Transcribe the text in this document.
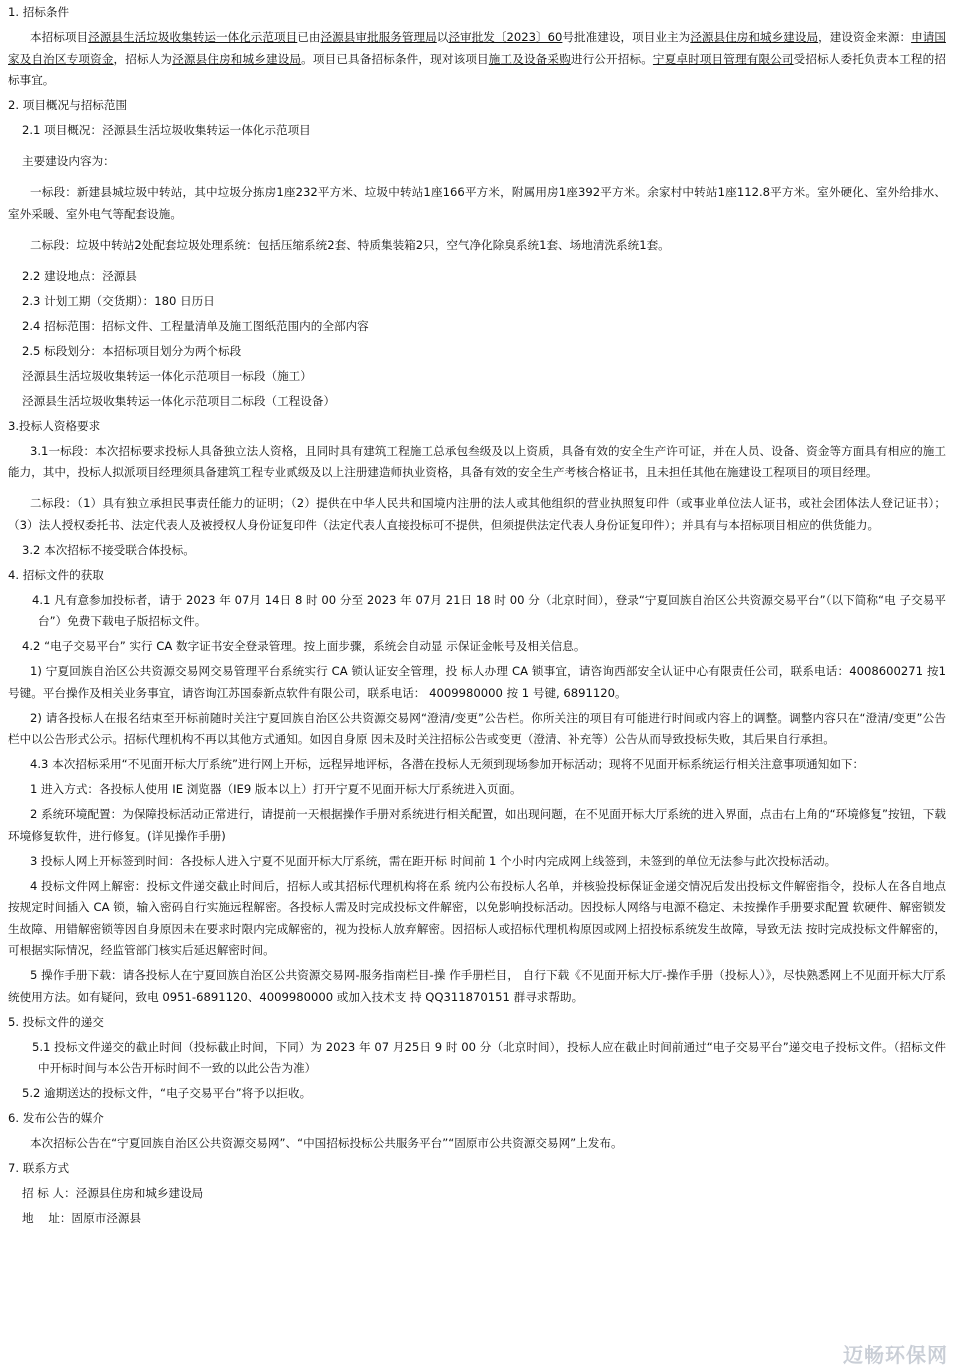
1. 招标条件
本招标项目泾源县生活垃圾收集转运一体化示范项目已由泾源县审批服务管理局以泾审批发〔2023〕60号批准建设，项目业主为泾源县住房和城乡建设局，建设资金来源：申请国家及自治区专项资金，招标人为泾源县住房和城乡建设局。项目已具备招标条件，现对该项目施工及设备采购进行公开招标。宁夏卓时项目管理有限公司受招标人委托负责本工程的招标事宜。
2. 项目概况与招标范围
2.1 项目概况：泾源县生活垃圾收集转运一体化示范项目
主要建设内容为：
一标段：新建县城垃圾中转站，其中垃圾分拣房1座232平方米、垃圾中转站1座166平方米，附属用房1座392平方米。余家村中转站1座112.8平方米。室外硬化、室外给排水、室外采暖、室外电气等配套设施。
二标段：垃圾中转站2处配套垃圾处理系统：包括压缩系统2套、特质集装箱2只，空气净化除臭系统1套、场地清洗系统1套。
2.2 建设地点：泾源县
2.3 计划工期（交货期）：180 日历日
2.4 招标范围：招标文件、工程量清单及施工图纸范围内的全部内容
2.5 标段划分：本招标项目划分为两个标段
泾源县生活垃圾收集转运一体化示范项目一标段（施工）
泾源县生活垃圾收集转运一体化示范项目二标段（工程设备）
3.投标人资格要求
3.1一标段：本次招标要求投标人具备独立法人资格，且同时具有建筑工程施工总承包叁级及以上资质，具备有效的安全生产许可证，并在人员、设备、资金等方面具有相应的施工能力，其中，投标人拟派项目经理须具备建筑工程专业贰级及以上注册建造师执业资格，具备有效的安全生产考核合格证书，且未担任其他在施建设工程项目的项目经理。
二标段：（1）具有独立承担民事责任能力的证明；（2）提供在中华人民共和国境内注册的法人或其他组织的营业执照复印件（或事业单位法人证书，或社会团体法人登记证书）；（3）法人授权委托书、法定代表人及被授权人身份证复印件（法定代表人直接投标可不提供，但须提供法定代表人身份证复印件）；并具有与本招标项目相应的供货能力。
3.2 本次招标不接受联合体投标。
4. 招标文件的获取
4.1 凡有意参加投标者，请于 2023 年 07月 14日 8 时 00 分至 2023 年 07月 21日 18 时 00 分（北京时间），登录“宁夏回族自治区公共资源交易平台”（以下简称“电 子交易平台”）免费下载电子版招标文件。
4.2 “电子交易平台” 实行 CA 数字证书安全登录管理。按上面步骤，系统会自动显 示保证金帐号及相关信息。
1) 宁夏回族自治区公共资源交易网交易管理平台系统实行 CA 锁认证安全管理，投 标人办理 CA 锁事宜，请咨询西部安全认证中心有限责任公司，联系电话：4008600271 按1号键。平台操作及相关业务事宜，请咨询江苏国泰新点软件有限公司，联系电话： 4009980000 按 1 号键, 6891120。
2) 请各投标人在报名结束至开标前随时关注宁夏回族自治区公共资源交易网“澄清/变更”公告栏。你所关注的项目有可能进行时间或内容上的调整。调整内容只在“澄清/变更”公告栏中以公告形式公示。招标代理机构不再以其他方式通知。如因自身原 因未及时关注招标公告或变更（澄清、补充等）公告从而导致投标失败，其后果自行承担。
4.3 本次招标采用“不见面开标大厅系统”进行网上开标，远程异地评标，各潜在投标人无须到现场参加开标活动；现将不见面开标系统运行相关注意事项通知如下：
1 进入方式：各投标人使用 IE 浏览器（IE9 版本以上）打开宁夏不见面开标大厅系统进入页面。
2 系统环境配置：为保障投标活动正常进行，请提前一天根据操作手册对系统进行相关配置，如出现问题，在不见面开标大厅系统的进入界面，点击右上角的“环境修复”按钮，下载环境修复软件，进行修复。(详见操作手册)
3 投标人网上开标签到时间：各投标人进入宁夏不见面开标大厅系统，需在距开标 时间前 1 个小时内完成网上线签到，未签到的单位无法参与此次投标活动。
4 投标文件网上解密：投标文件递交截止时间后，招标人或其招标代理机构将在系 统内公布投标人名单，并核验投标保证金递交情况后发出投标文件解密指令，投标人在各自地点按规定时间插入 CA 锁，输入密码自行实施远程解密。各投标人需及时完成投标文件解密，以免影响投标活动。因投标人网络与电源不稳定、未按操作手册要求配置 软硬件、解密锁发生故障、用错解密锁等因自身原因未在要求时限内完成解密的，视为投标人放弃解密。因招标人或招标代理机构原因或网上招投标系统发生故障，导致无法 按时完成投标文件解密的，可根据实际情况，经监管部门核实后延迟解密时间。
5 操作手册下载：请各投标人在宁夏回族自治区公共资源交易网-服务指南栏目-操 作手册栏目， 自行下载《不见面开标大厅-操作手册（投标人）》，尽快熟悉网上不见面开标大厅系统使用方法。如有疑问，致电 0951-6891120、4009980000 或加入技术支 持 QQ311870151 群寻求帮助。
5. 投标文件的递交
5.1 投标文件递交的截止时间（投标截止时间，下同）为 2023 年 07 月25日 9 时 00 分（北京时间），投标人应在截止时间前通过“电子交易平台”递交电子投标文件。（招标文件中开标时间与本公告开标时间不一致的以此公告为准）
5.2 逾期送达的投标文件，“电子交易平台”将予以拒收。
6. 发布公告的媒介
本次招标公告在“宁夏回族自治区公共资源交易网”、“中国招标投标公共服务平台”“固原市公共资源交易网”上发布。
7. 联系方式
招 标 人：泾源县住房和城乡建设局
地    址：固原市泾源县
迈畅环保网
